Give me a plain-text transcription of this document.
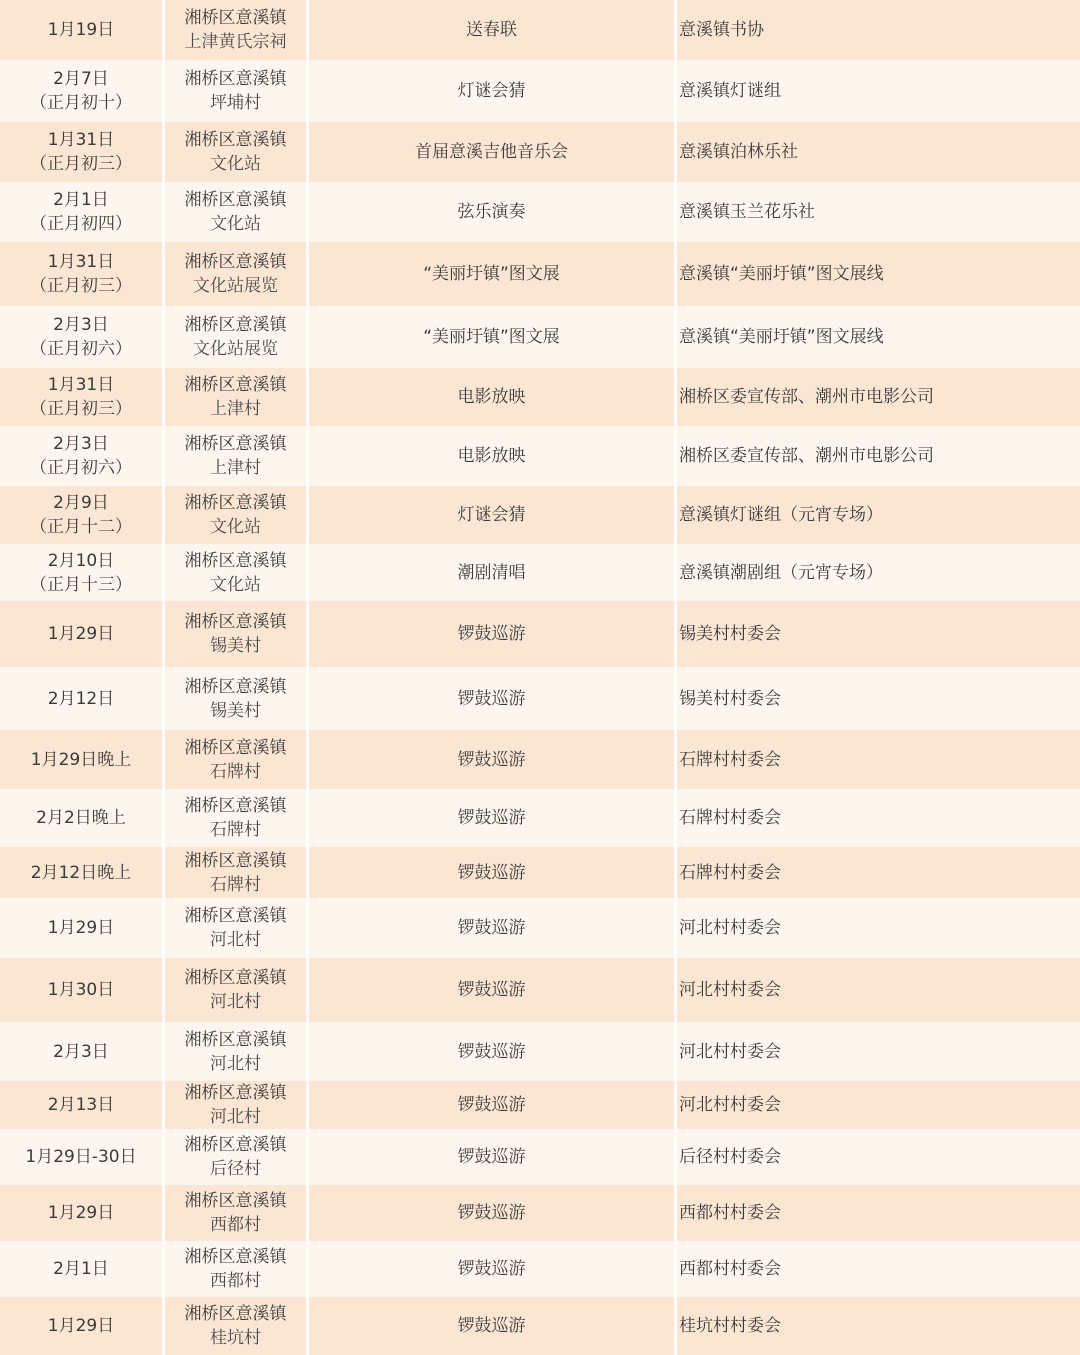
1月19日	湘桥区意溪镇
上津黄氏宗祠	送春联	意溪镇书协

2月7日
（正月初十）	湘桥区意溪镇
坪埔村	灯谜会猜	意溪镇灯谜组

1月31日
（正月初三）	湘桥区意溪镇
文化站	首届意溪吉他音乐会	意溪镇泊林乐社

2月1日
（正月初四）	湘桥区意溪镇
文化站	弦乐演奏	意溪镇玉兰花乐社

1月31日
（正月初三）	湘桥区意溪镇
文化站展览	“美丽圩镇”图文展	意溪镇“美丽圩镇”图文展线

2月3日
（正月初六）	湘桥区意溪镇
文化站展览	“美丽圩镇”图文展	意溪镇“美丽圩镇”图文展线

1月31日
（正月初三）	湘桥区意溪镇
上津村	电影放映	湘桥区委宣传部、潮州市电影公司

2月3日
（正月初六）	湘桥区意溪镇
上津村	电影放映	湘桥区委宣传部、潮州市电影公司

2月9日
（正月十二）	湘桥区意溪镇
文化站	灯谜会猜	意溪镇灯谜组（元宵专场）

2月10日
（正月十三）	湘桥区意溪镇
文化站	潮剧清唱	意溪镇潮剧组（元宵专场）

1月29日	湘桥区意溪镇
锡美村	锣鼓巡游	锡美村村委会

2月12日	湘桥区意溪镇
锡美村	锣鼓巡游	锡美村村委会

1月29日晚上	湘桥区意溪镇
石牌村	锣鼓巡游	石牌村村委会

2月2日晚上	湘桥区意溪镇
石牌村	锣鼓巡游	石牌村村委会

2月12日晚上	湘桥区意溪镇
石牌村	锣鼓巡游	石牌村村委会

1月29日	湘桥区意溪镇
河北村	锣鼓巡游	河北村村委会

1月30日	湘桥区意溪镇
河北村	锣鼓巡游	河北村村委会

2月3日	湘桥区意溪镇
河北村	锣鼓巡游	河北村村委会

2月13日	湘桥区意溪镇
河北村	锣鼓巡游	河北村村委会

1月29日-30日	湘桥区意溪镇
后径村	锣鼓巡游	后径村村委会

1月29日	湘桥区意溪镇
西都村	锣鼓巡游	西都村村委会

2月1日	湘桥区意溪镇
西都村	锣鼓巡游	西都村村委会

1月29日	湘桥区意溪镇
桂坑村	锣鼓巡游	桂坑村村委会
